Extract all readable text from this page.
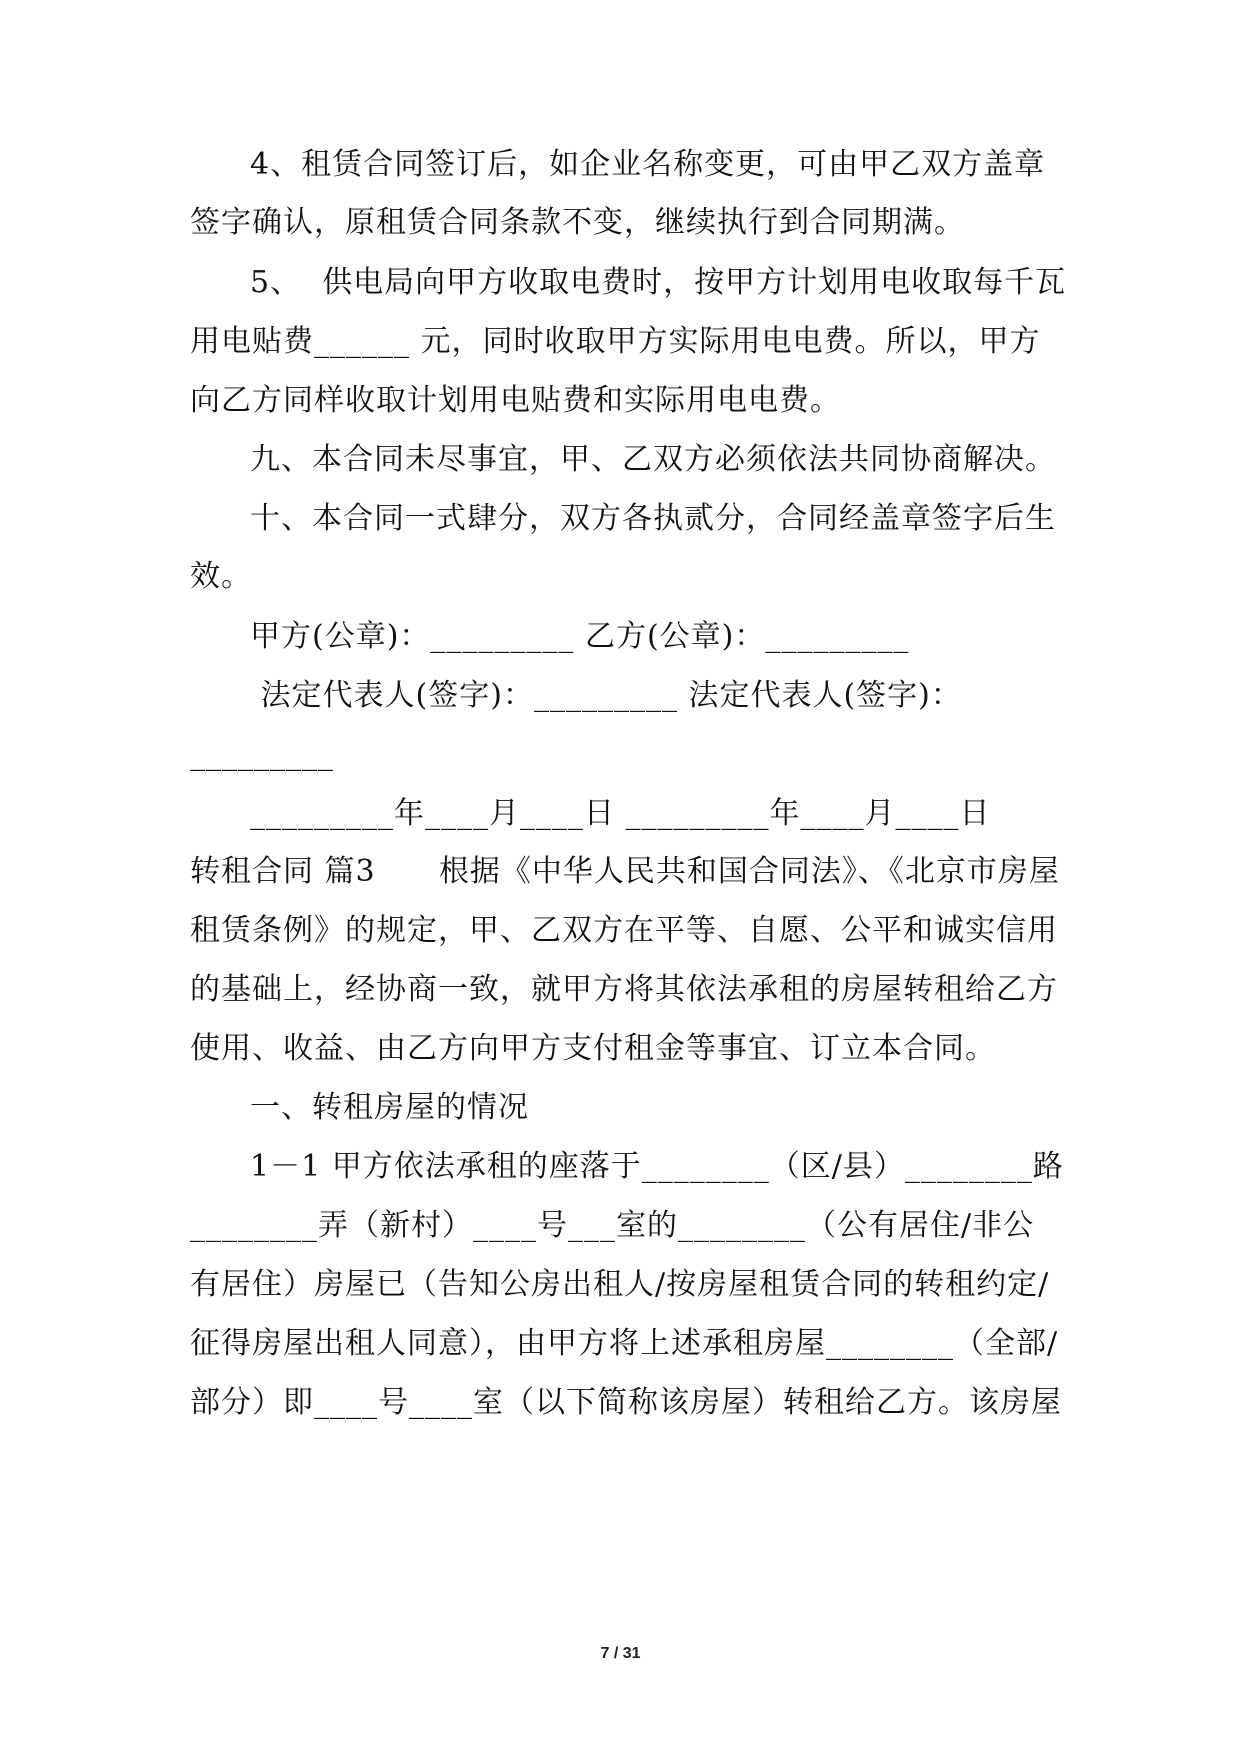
4、租赁合同签订后，如企业名称变更，可由甲乙双方盖章
签字确认，原租赁合同条款不变，继续执行到合同期满。
5、  供电局向甲方收取电费时，按甲方计划用电收取每千瓦
用电贴费______ 元，同时收取甲方实际用电电费。所以，甲方
向乙方同样收取计划用电贴费和实际用电电费。
九、本合同未尽事宜，甲、乙双方必须依法共同协商解决。
十、本合同一式肆分，双方各执贰分，合同经盖章签字后生
效。
甲方(公章)：_________ 乙方(公章)：_________
法定代表人(签字)：_________ 法定代表人(签字)：
_________
_________年____月____日 _________年____月____日
转租合同 篇3      根据《中华人民共和国合同法》、《北京市房屋
租赁条例》的规定，甲、乙双方在平等、自愿、公平和诚实信用
的基础上，经协商一致，就甲方将其依法承租的房屋转租给乙方
使用、收益、由乙方向甲方支付租金等事宜、订立本合同。
一、转租房屋的情况
1－1 甲方依法承租的座落于________（区/县）________路
________弄（新村）____号___室的________（公有居住/非公
有居住）房屋已（告知公房出租人/按房屋租赁合同的转租约定/
征得房屋出租人同意），由甲方将上述承租房屋________（全部/
部分）即____号____室（以下简称该房屋）转租给乙方。该房屋
7 / 31
